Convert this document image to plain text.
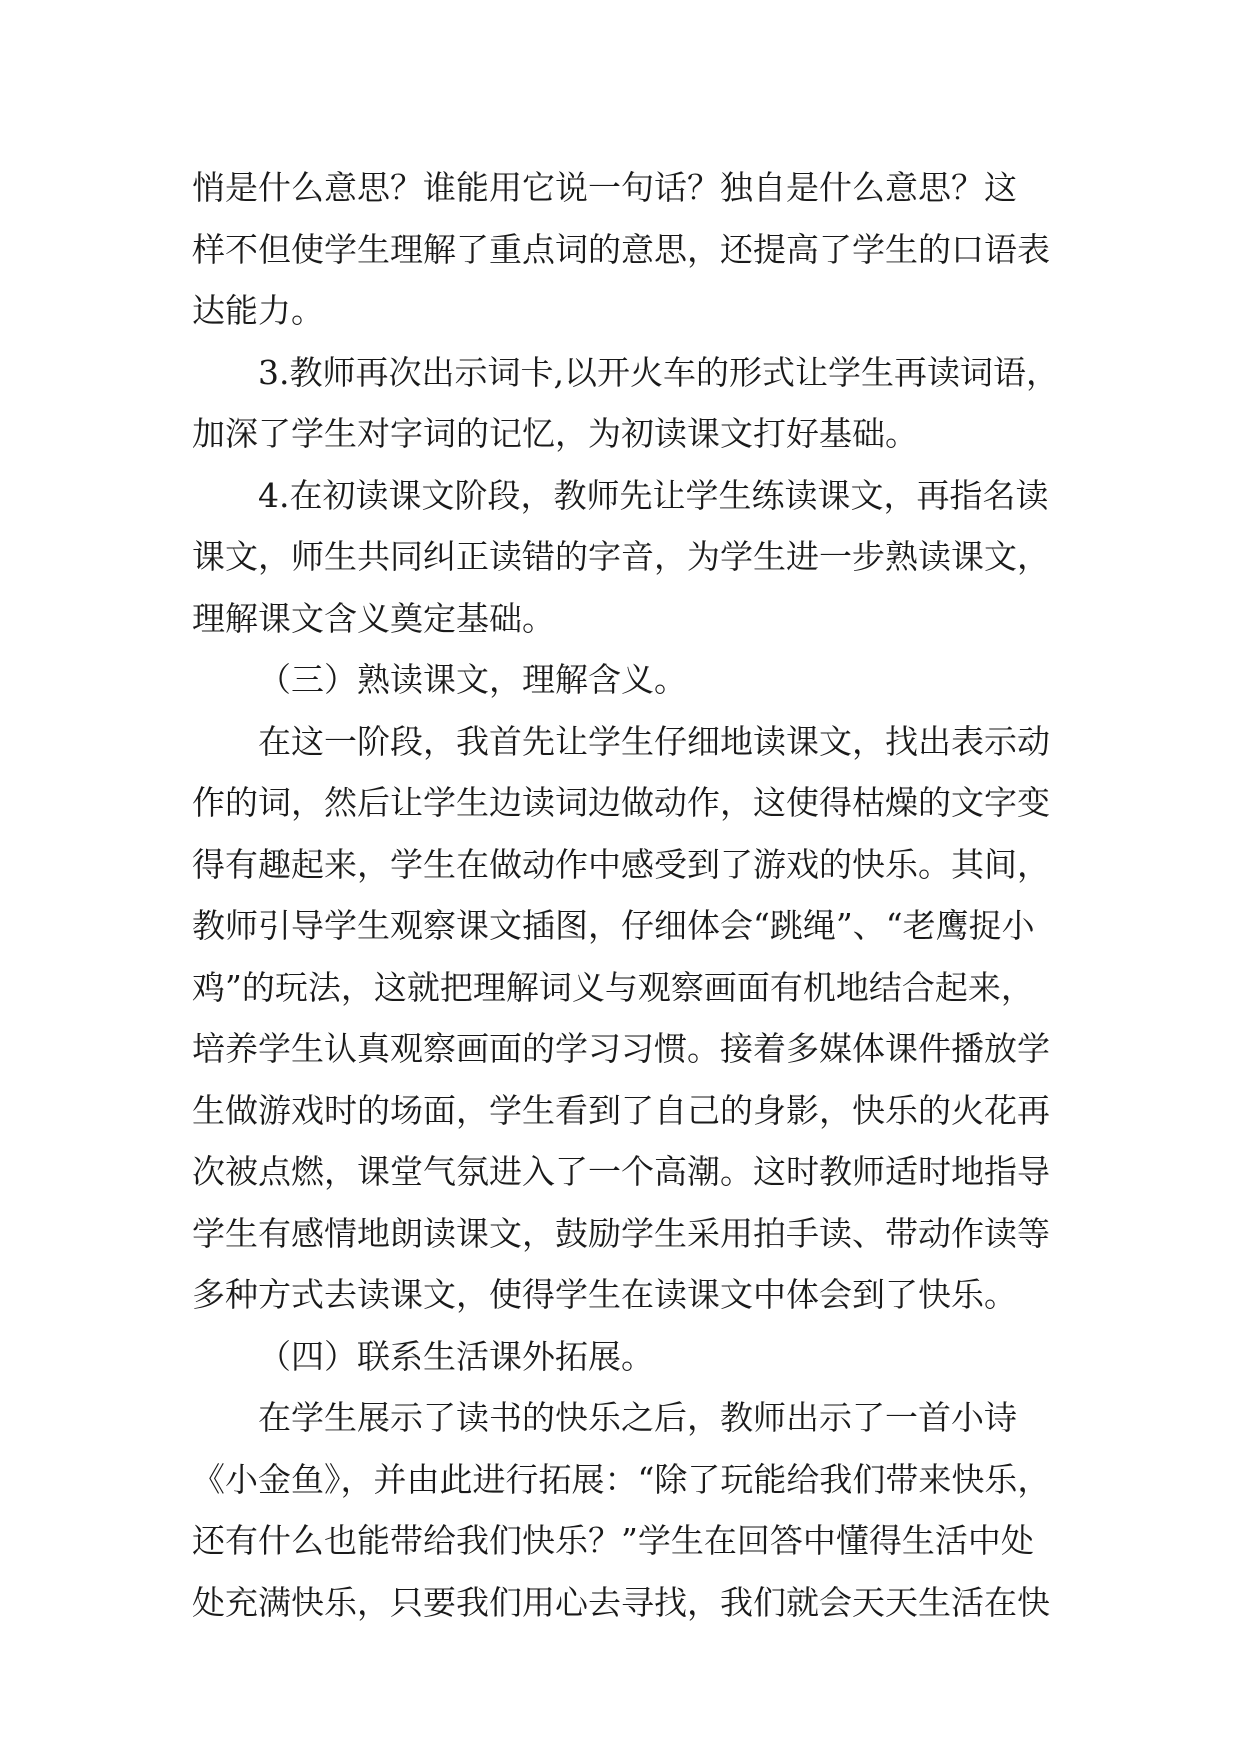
悄是什么意思？谁能用它说一句话？独自是什么意思？这
样不但使学生理解了重点词的意思，还提高了学生的口语表
达能力。
3.教师再次出示词卡,以开火车的形式让学生再读词语，
加深了学生对字词的记忆，为初读课文打好基础。
4.在初读课文阶段，教师先让学生练读课文，再指名读
课文，师生共同纠正读错的字音，为学生进一步熟读课文，
理解课文含义奠定基础。
（三）熟读课文，理解含义。
在这一阶段，我首先让学生仔细地读课文，找出表示动
作的词，然后让学生边读词边做动作，这使得枯燥的文字变
得有趣起来，学生在做动作中感受到了游戏的快乐。其间，
教师引导学生观察课文插图，仔细体会“跳绳”、“老鹰捉小
鸡”的玩法，这就把理解词义与观察画面有机地结合起来，
培养学生认真观察画面的学习习惯。接着多媒体课件播放学
生做游戏时的场面，学生看到了自己的身影，快乐的火花再
次被点燃，课堂气氛进入了一个高潮。这时教师适时地指导
学生有感情地朗读课文，鼓励学生采用拍手读、带动作读等
多种方式去读课文，使得学生在读课文中体会到了快乐。
（四）联系生活课外拓展。
在学生展示了读书的快乐之后，教师出示了一首小诗
《小金鱼》，并由此进行拓展：“除了玩能给我们带来快乐，
还有什么也能带给我们快乐？”学生在回答中懂得生活中处
处充满快乐，只要我们用心去寻找，我们就会天天生活在快
